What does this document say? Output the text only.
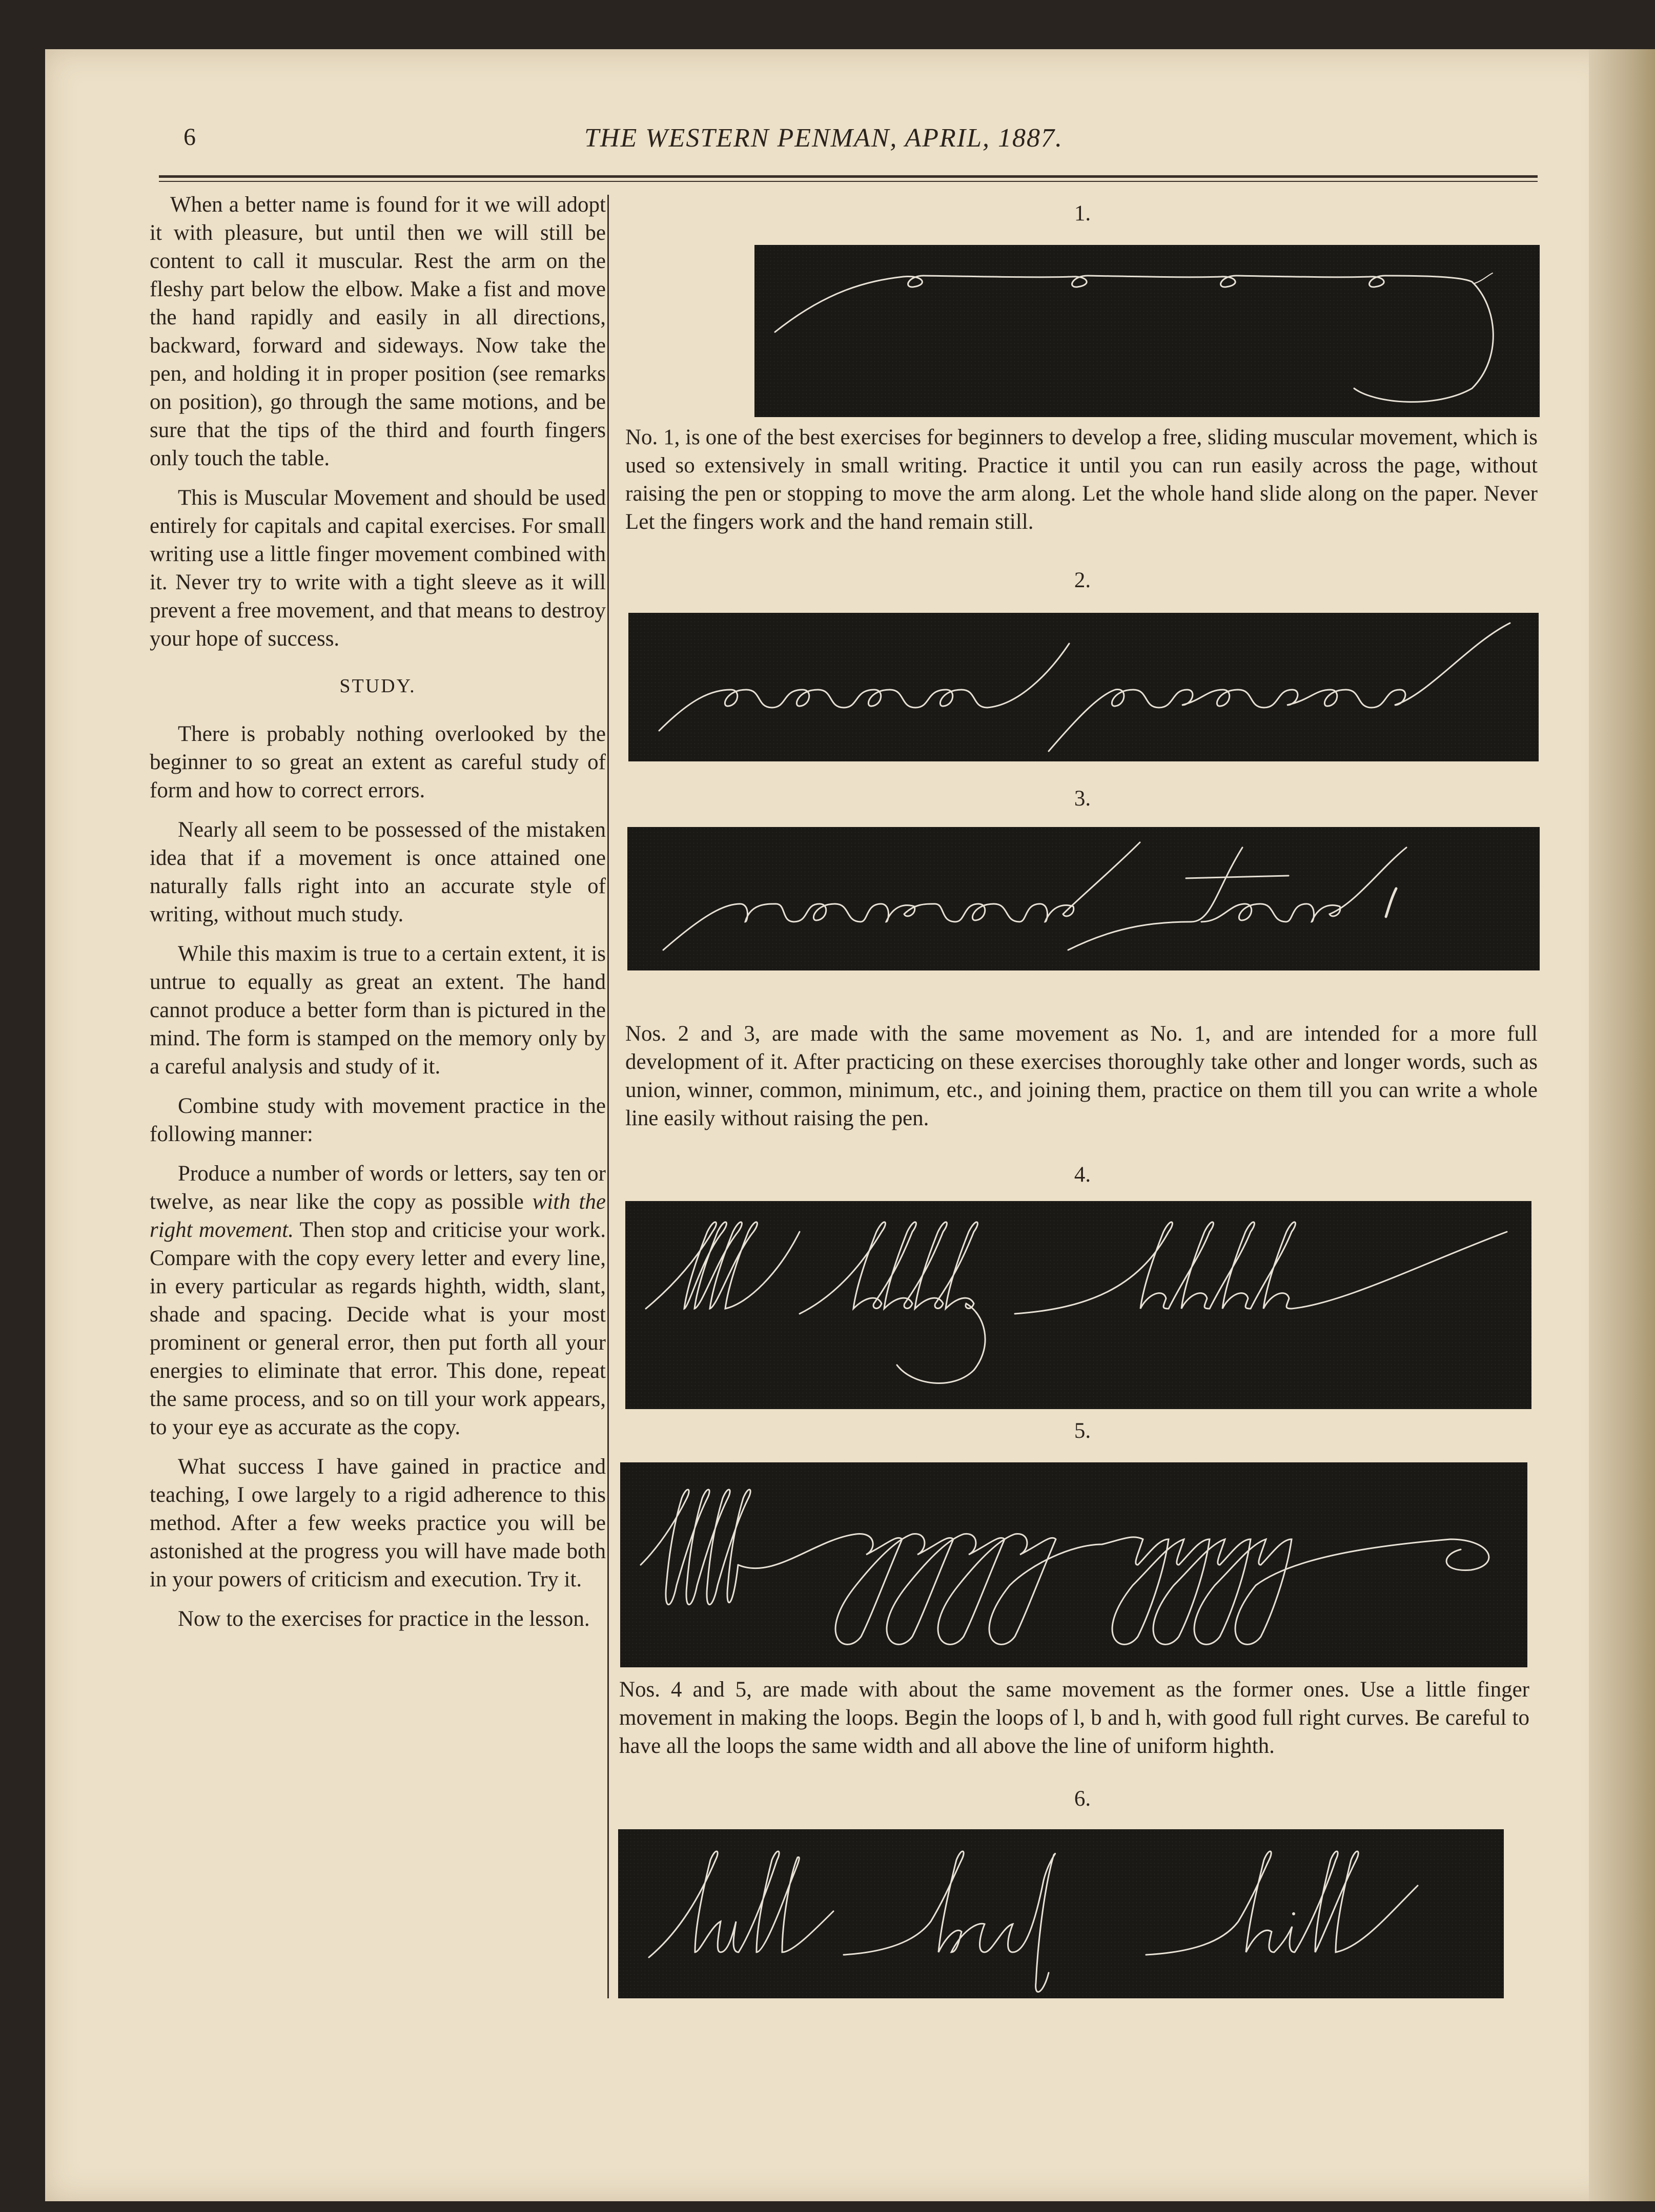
6	THE WESTERN PENMAN, APRIL, 1887.

When a better name is found for it we will adopt it with pleasure, but until then we will still be content to call it muscular. Rest the arm on the fleshy part below the elbow. Make a fist and move the hand rapidly and easily in all directions, backward, forward and sideways. Now take the pen, and holding it in proper position (see remarks on position), go through the same motions, and be sure that the tips of the third and fourth fingers only touch the table.

This is Muscular Movement and should be used entirely for capitals and capital exercises. For small writing use a little finger movement combined with it. Never try to write with a tight sleeve as it will prevent a free movement, and that means to destroy your hope of success.

STUDY.

There is probably nothing overlooked by the beginner to so great an extent as careful study of form and how to correct errors.

Nearly all seem to be possessed of the mistaken idea that if a movement is once attained one naturally falls right into an accurate style of writing, without much study.

While this maxim is true to a certain extent, it is untrue to equally as great an extent. The hand cannot produce a better form than is pictured in the mind. The form is stamped on the memory only by a careful analysis and study of it.

Combine study with movement practice in the following manner:

Produce a number of words or letters, say ten or twelve, as near like the copy as possible with the right movement. Then stop and criticise your work. Compare with the copy every letter and every line, in every particular as regards highth, width, slant, shade and spacing. Decide what is your most prominent or general error, then put forth all your energies to eliminate that error. This done, repeat the same process, and so on till your work appears, to your eye as accurate as the copy.

What success I have gained in practice and teaching, I owe largely to a rigid adherence to this method. After a few weeks practice you will be astonished at the progress you will have made both in your powers of criticism and execution. Try it.

Now to the exercises for practice in the lesson.

1.
No. 1, is one of the best exercises for beginners to develop a free, sliding muscular movement, which is used so extensively in small writing. Practice it until you can run easily across the page, without raising the pen or stopping to move the arm along. Let the whole hand slide along on the paper. Never Let the fingers work and the hand remain still.
2.
3.
Nos. 2 and 3, are made with the same movement as No. 1, and are intended for a more full development of it. After practicing on these exercises thoroughly take other and longer words, such as union, winner, common, minimum, etc., and joining them, practice on them till you can write a whole line easily without raising the pen.
4.
5.
Nos. 4 and 5, are made with about the same movement as the former ones. Use a little finger movement in making the loops. Begin the loops of l, b and h, with good full right curves. Be careful to have all the loops the same width and all above the line of uniform highth.
6.
